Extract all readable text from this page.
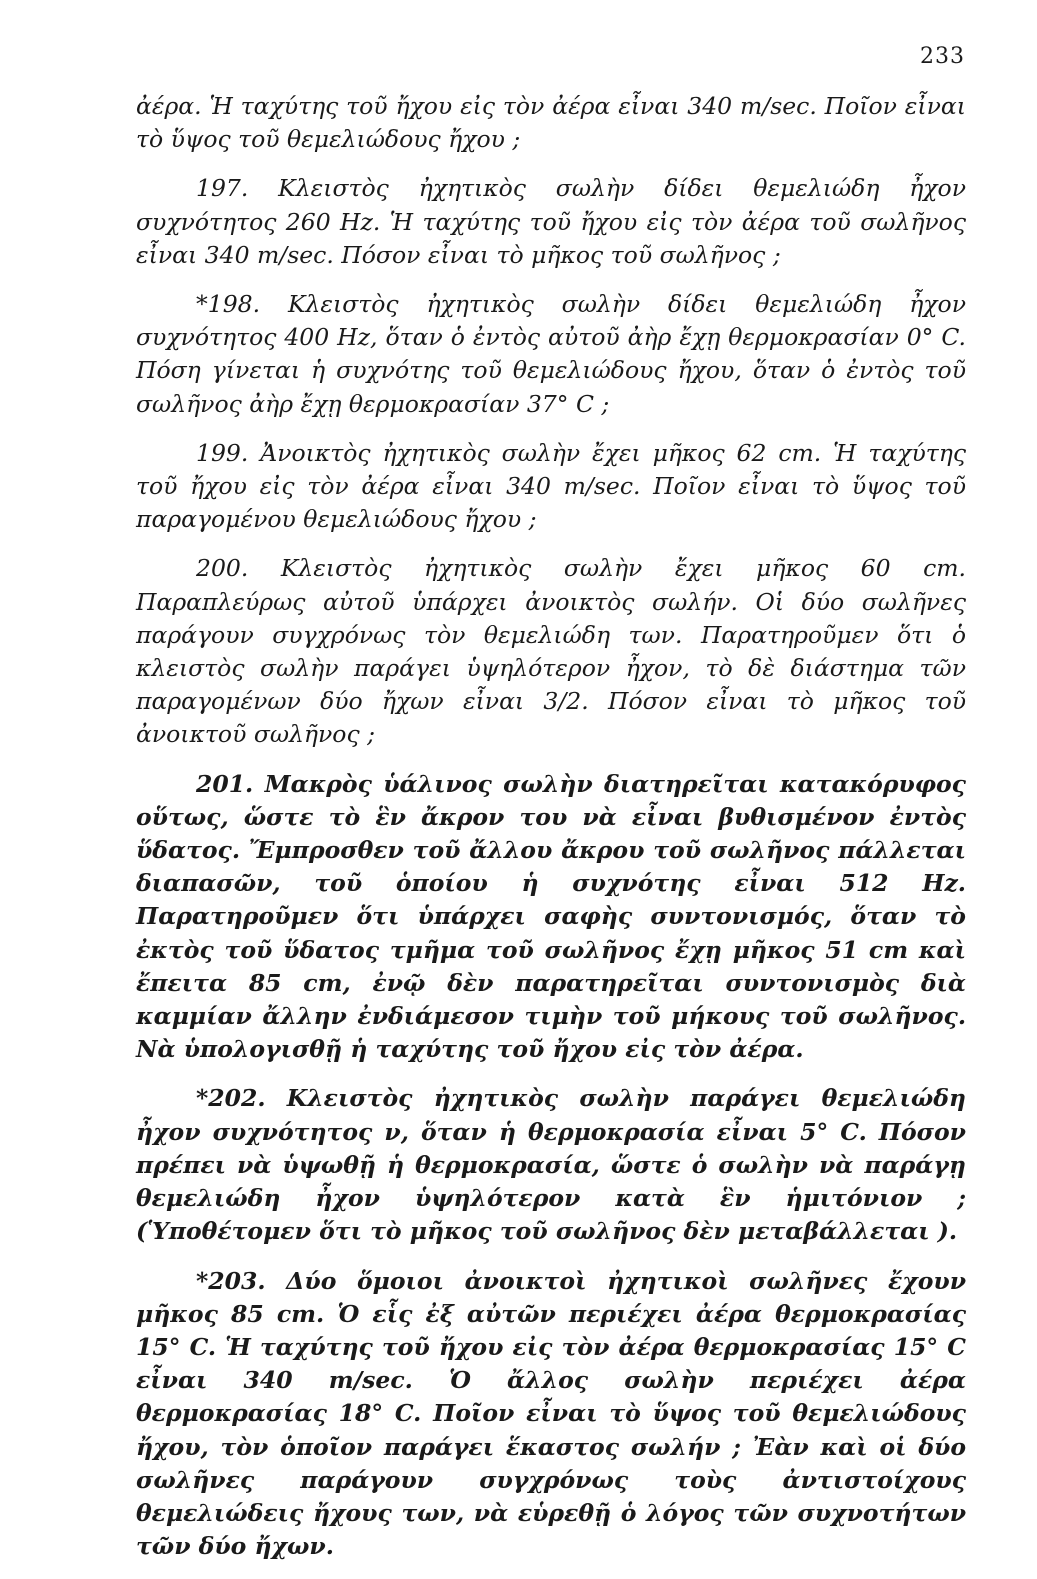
233

ἀέρα. Ἡ ταχύτης τοῦ ἤχου εἰς τὸν ἀέρα εἶναι 340 m/sec. Ποῖον εἶναι τὸ ὕψος τοῦ θεμελιώδους ἤχου ;

197. Κλειστὸς ἠχητικὸς σωλὴν δίδει θεμελιώδη ἦχον συχνότητος 260 Hz. Ἡ ταχύτης τοῦ ἤχου εἰς τὸν ἀέρα τοῦ σωλῆνος εἶναι 340 m/sec. Πόσον εἶναι τὸ μῆκος τοῦ σωλῆνος ;

*198. Κλειστὸς ἠχητικὸς σωλὴν δίδει θεμελιώδη ἦχον συχνότητος 400 Hz, ὅταν ὁ ἐντὸς αὐτοῦ ἀὴρ ἔχῃ θερμοκρασίαν 0° C. Πόση γίνεται ἡ συχνότης τοῦ θεμελιώδους ἤχου, ὅταν ὁ ἐντὸς τοῦ σωλῆνος ἀὴρ ἔχῃ θερμοκρασίαν 37° C ;

199. Ἀνοικτὸς ἠχητικὸς σωλὴν ἔχει μῆκος 62 cm. Ἡ ταχύτης τοῦ ἤχου εἰς τὸν ἀέρα εἶναι 340 m/sec. Ποῖον εἶναι τὸ ὕψος τοῦ παραγομένου θεμελιώδους ἤχου ;

200. Κλειστὸς ἠχητικὸς σωλὴν ἔχει μῆκος 60 cm. Παραπλεύρως αὐτοῦ ὑπάρχει ἀνοικτὸς σωλήν. Οἱ δύο σωλῆνες παράγουν συγχρόνως τὸν θεμελιώδη των. Παρατηροῦμεν ὅτι ὁ κλειστὸς σωλὴν παράγει ὑψηλότερον ἦχον, τὸ δὲ διάστημα τῶν παραγομένων δύο ἤχων εἶναι 3/2. Πόσον εἶναι τὸ μῆκος τοῦ ἀνοικτοῦ σωλῆνος ;

201. Μακρὸς ὑάλινος σωλὴν διατηρεῖται κατακόρυφος οὕτως, ὥστε τὸ ἓν ἄκρον του νὰ εἶναι βυθισμένον ἐντὸς ὕδατος. Ἔμπροσθεν τοῦ ἄλλου ἄκρου τοῦ σωλῆνος πάλλεται διαπασῶν, τοῦ ὁποίου ἡ συχνότης εἶναι 512 Hz. Παρατηροῦμεν ὅτι ὑπάρχει σαφὴς συντονισμός, ὅταν τὸ ἐκτὸς τοῦ ὕδατος τμῆμα τοῦ σωλῆνος ἔχῃ μῆκος 51 cm καὶ ἔπειτα 85 cm, ἐνῷ δὲν παρατηρεῖται συντονισμὸς διὰ καμμίαν ἄλλην ἐνδιάμεσον τιμὴν τοῦ μήκους τοῦ σωλῆνος. Νὰ ὑπολογισθῇ ἡ ταχύτης τοῦ ἤχου εἰς τὸν ἀέρα.

*202. Κλειστὸς ἠχητικὸς σωλὴν παράγει θεμελιώδη ἦχον συχνότητος ν, ὅταν ἡ θερμοκρασία εἶναι 5° C. Πόσον πρέπει νὰ ὑψωθῇ ἡ θερμοκρασία, ὥστε ὁ σωλὴν νὰ παράγῃ θεμελιώδη ἦχον ὑψηλότερον κατὰ ἓν ἡμιτόνιον ; (Ὑποθέτομεν ὅτι τὸ μῆκος τοῦ σωλῆνος δὲν μεταβάλλεται ).

*203. Δύο ὅμοιοι ἀνοικτοὶ ἠχητικοὶ σωλῆνες ἔχουν μῆκος 85 cm. Ὁ εἷς ἐξ αὐτῶν περιέχει ἀέρα θερμοκρασίας 15° C. Ἡ ταχύτης τοῦ ἤχου εἰς τὸν ἀέρα θερμοκρασίας 15° C εἶναι 340 m/sec. Ὁ ἄλλος σωλὴν περιέχει ἀέρα θερμοκρασίας 18° C. Ποῖον εἶναι τὸ ὕψος τοῦ θεμελιώδους ἤχου, τὸν ὁποῖον παράγει ἕκαστος σωλήν ; Ἐὰν καὶ οἱ δύο σωλῆνες παράγουν συγχρόνως τοὺς ἀντιστοίχους θεμελιώδεις ἤχους των, νὰ εὑρεθῇ ὁ λόγος τῶν συχνοτήτων τῶν δύο ἤχων.
